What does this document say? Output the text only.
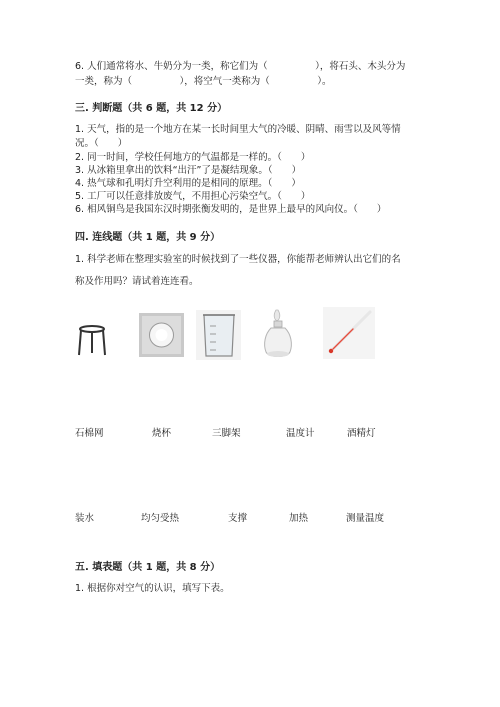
6. 人们通常将水、牛奶分为一类，称它们为（　　　　　），将石头、木头分为
一类，称为（　　　　　），将空气一类称为（　　　　　）。
三. 判断题（共 6 题，共 12 分）
1. 天气，指的是一个地方在某一长时间里大气的冷暖、阴晴、雨雪以及风等情
况。（　　）
2. 同一时间，学校任何地方的气温都是一样的。（　　）
3. 从冰箱里拿出的饮料“出汗”了是凝结现象。（　　）
4. 热气球和孔明灯升空利用的是相同的原理。（　　）
5. 工厂可以任意排放废气，不用担心污染空气。（　　）
6. 相风铜鸟是我国东汉时期张衡发明的，是世界上最早的风向仪。（　　）
四. 连线题（共 1 题，共 9 分）
1. 科学老师在整理实验室的时候找到了一些仪器，你能帮老师辨认出它们的名
称及作用吗？请试着连连看。
石棉网	烧杯	三脚架	温度计	酒精灯
装水	均匀受热	支撑	加热	测量温度
五. 填表题（共 1 题，共 8 分）
1. 根据你对空气的认识，填写下表。
